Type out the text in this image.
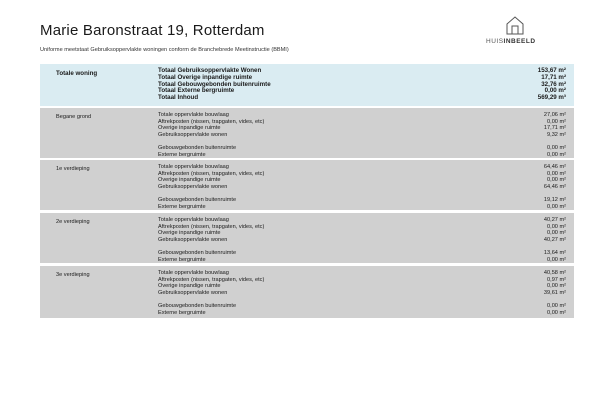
Marie Baronstraat 19, Rotterdam
Uniforme meetstaat Gebruiksoppervlakte woningen conform de Branchebrede Meetinstructie (BBMI)
HUISINBEELD
Totale woning	Totaal Gebruiksoppervlakte Wonen	153,67 m²
Totaal Overige inpandige ruimte	17,71 m²
Totaal Gebouwgebonden buitenruimte	32,76 m²
Totaal Externe bergruimte	0,00 m²
Totaal Inhoud	569,29 m³
Begane grond	Totale oppervlakte bouwlaag	27,06 m²
Aftrekposten (nissen, trapgaten, vides, etc)	0,00 m²
Overige inpandige ruimte	17,71 m²
Gebruiksoppervlakte wonen	9,32 m²
Gebouwgebonden buitenruimte	0,00 m²
Externe bergruimte	0,00 m²
1e verdieping	Totale oppervlakte bouwlaag	64,46 m²
Aftrekposten (nissen, trapgaten, vides, etc)	0,00 m²
Overige inpandige ruimte	0,00 m²
Gebruiksoppervlakte wonen	64,46 m²
Gebouwgebonden buitenruimte	19,12 m²
Externe bergruimte	0,00 m²
2e verdieping	Totale oppervlakte bouwlaag	40,27 m²
Aftrekposten (nissen, trapgaten, vides, etc)	0,00 m²
Overige inpandige ruimte	0,00 m²
Gebruiksoppervlakte wonen	40,27 m²
Gebouwgebonden buitenruimte	13,64 m²
Externe bergruimte	0,00 m²
3e verdieping	Totale oppervlakte bouwlaag	40,58 m²
Aftrekposten (nissen, trapgaten, vides, etc)	0,97 m²
Overige inpandige ruimte	0,00 m²
Gebruiksoppervlakte wonen	39,61 m²
Gebouwgebonden buitenruimte	0,00 m²
Externe bergruimte	0,00 m²
